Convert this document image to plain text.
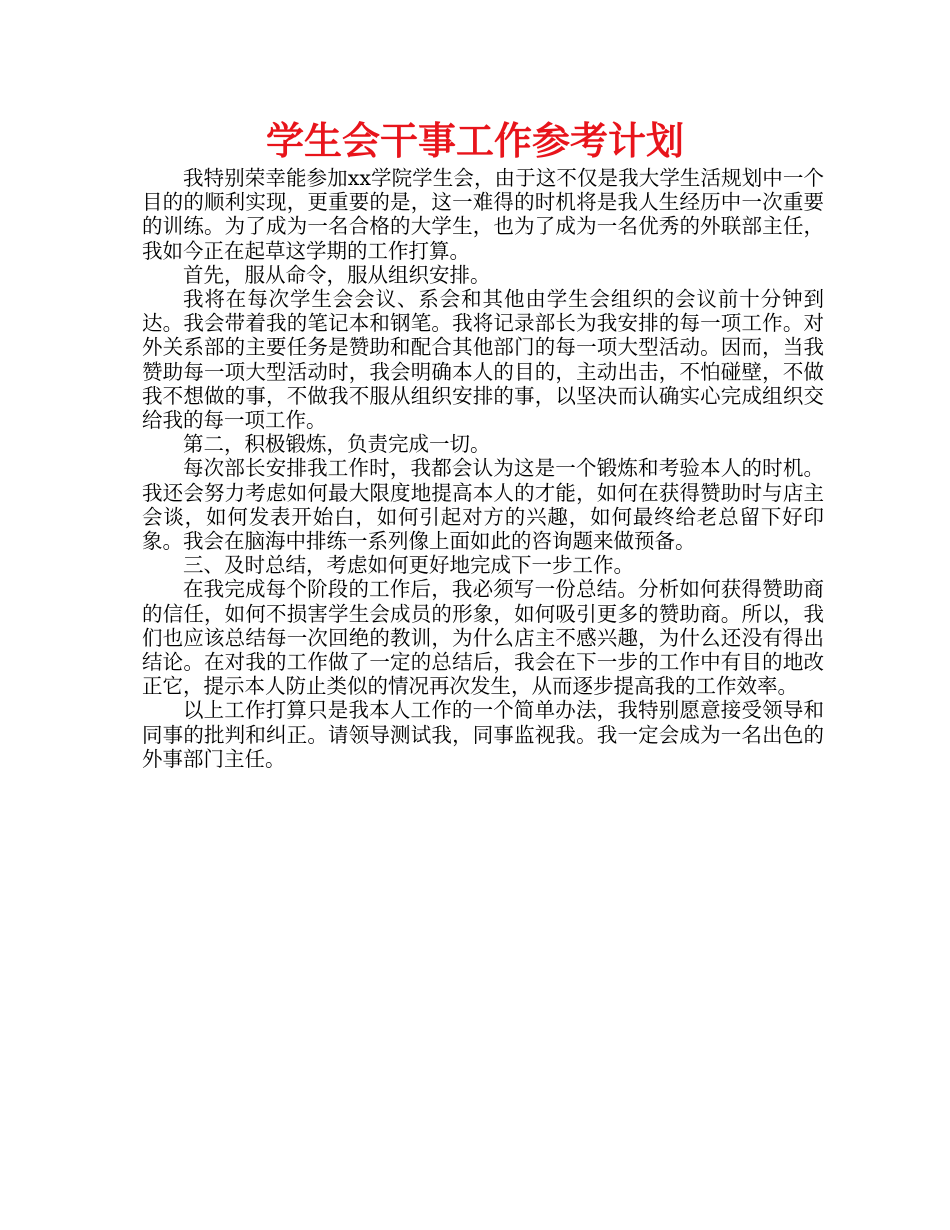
学生会干事工作参考计划

我特别荣幸能参加xx学院学生会，由于这不仅是我大学生活规划中一个目的的顺利实现，更重要的是，这一难得的时机将是我人生经历中一次重要的训练。为了成为一名合格的大学生，也为了成为一名优秀的外联部主任，我如今正在起草这学期的工作打算。

首先，服从命令，服从组织安排。

我将在每次学生会会议、系会和其他由学生会组织的会议前十分钟到达。我会带着我的笔记本和钢笔。我将记录部长为我安排的每一项工作。对外关系部的主要任务是赞助和配合其他部门的每一项大型活动。因而，当我赞助每一项大型活动时，我会明确本人的目的，主动出击，不怕碰壁，不做我不想做的事，不做我不服从组织安排的事，以坚决而认确实心完成组织交给我的每一项工作。

第二，积极锻炼，负责完成一切。

每次部长安排我工作时，我都会认为这是一个锻炼和考验本人的时机。我还会努力考虑如何最大限度地提高本人的才能，如何在获得赞助时与店主会谈，如何发表开始白，如何引起对方的兴趣，如何最终给老总留下好印象。我会在脑海中排练一系列像上面如此的咨询题来做预备。

三、及时总结，考虑如何更好地完成下一步工作。

在我完成每个阶段的工作后，我必须写一份总结。分析如何获得赞助商的信任，如何不损害学生会成员的形象，如何吸引更多的赞助商。所以，我们也应该总结每一次回绝的教训，为什么店主不感兴趣，为什么还没有得出结论。在对我的工作做了一定的总结后，我会在下一步的工作中有目的地改正它，提示本人防止类似的情况再次发生，从而逐步提高我的工作效率。

以上工作打算只是我本人工作的一个简单办法，我特别愿意接受领导和同事的批判和纠正。请领导测试我，同事监视我。我一定会成为一名出色的外事部门主任。
